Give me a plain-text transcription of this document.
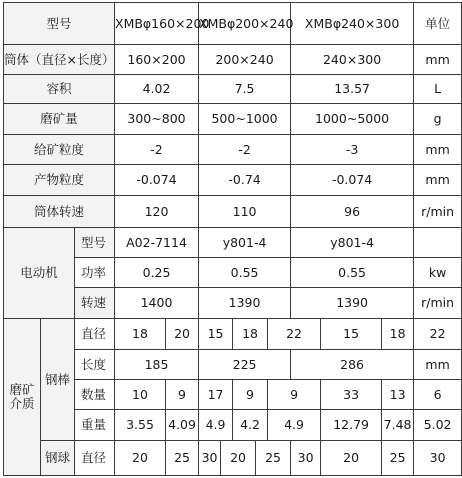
型号			XMBφ160×200		XMBφ200×240					XMBφ240×300			单位	
筒体（直径×长度）			160×200		200×240					240×300			mm	
容积			4.02		7.5					13.57			L	
磨矿量			300~800		500~1000					1000~5000			g	
给矿粒度			-2		-2					-3			mm	
产物粒度			-0.074		-0.74					-0.074			mm	
筒体转速			120		110					96			r/min	
电动机		型号	A02-7114		y801-4					y801-4				
		功率	0.25		0.55					0.55			kw	
		转速	1400		1390					1390			r/min	
磨矿
介质	钢棒	直径	18	20	15		18		22		15	18	22	
		长度	185		225					286			mm	
		数量	10	9	17		9		9		33	13	6	
		重量	3.55	4.09	4.9		4.2		4.9		12.79	7.48	5.02	
	钢球	直径	20	25	30	20		25		30	20	25	30	
